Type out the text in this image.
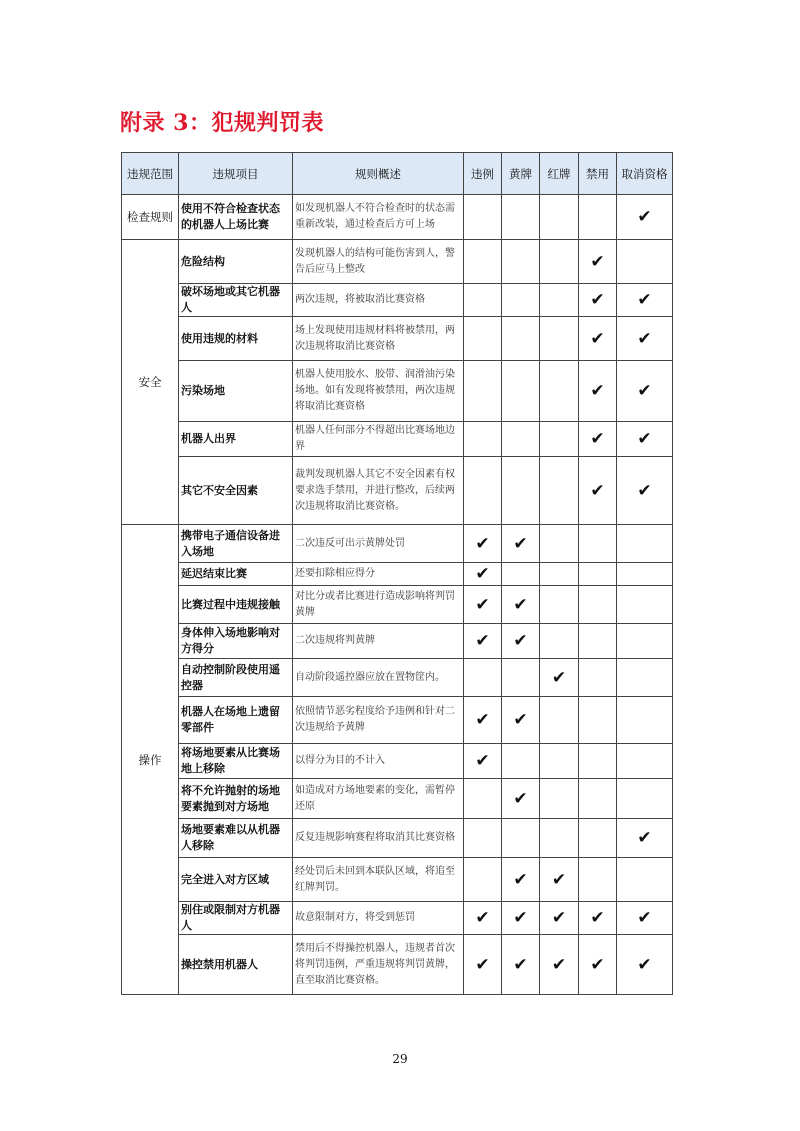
附录 3：犯规判罚表
违规范围	违规项目	规则概述	违例	黄牌	红牌	禁用	取消资格
检查规则	使用不符合检查状态的机器人上场比赛	如发现机器人不符合检查时的状态需重新改装，通过检查后方可上场					✔
安全	危险结构	发现机器人的结构可能伤害到人，警告后应马上整改				✔	
	破坏场地或其它机器人	两次违规，将被取消比赛资格				✔	✔
	使用违规的材料	场上发现使用违规材料将被禁用，两次违规将取消比赛资格				✔	✔
	污染场地	机器人使用胶水、胶带、润滑油污染场地。如有发现将被禁用，两次违规将取消比赛资格				✔	✔
	机器人出界	机器人任何部分不得超出比赛场地边界				✔	✔
	其它不安全因素	裁判发现机器人其它不安全因素有权要求选手禁用，并进行整改，后续两次违规将取消比赛资格。				✔	✔
操作	携带电子通信设备进入场地	二次违反可出示黄牌处罚	✔	✔			
	延迟结束比赛	还要扣除相应得分	✔				
	比赛过程中违规接触	对比分或者比赛进行造成影响将判罚黄牌	✔	✔			
	身体伸入场地影响对方得分	二次违规将判黄牌	✔	✔			
	自动控制阶段使用遥控器	自动阶段遥控器应放在置物筐内。			✔		
	机器人在场地上遗留零部件	依照情节恶劣程度给予违例和针对二次违规给予黄牌	✔	✔			
	将场地要素从比赛场地上移除	以得分为目的不计入	✔				
	将不允许抛射的场地要素抛到对方场地	如造成对方场地要素的变化，需暂停还原		✔			
	场地要素难以从机器人移除	反复违规影响赛程将取消其比赛资格					✔
	完全进入对方区域	经处罚后未回到本联队区域，将追至红牌判罚。		✔	✔		
	别住或限制对方机器人	故意限制对方，将受到惩罚	✔	✔	✔	✔	✔
	操控禁用机器人	禁用后不得操控机器人，违规者首次将判罚违例，严重违规将判罚黄牌，直至取消比赛资格。	✔	✔	✔	✔	✔
29
